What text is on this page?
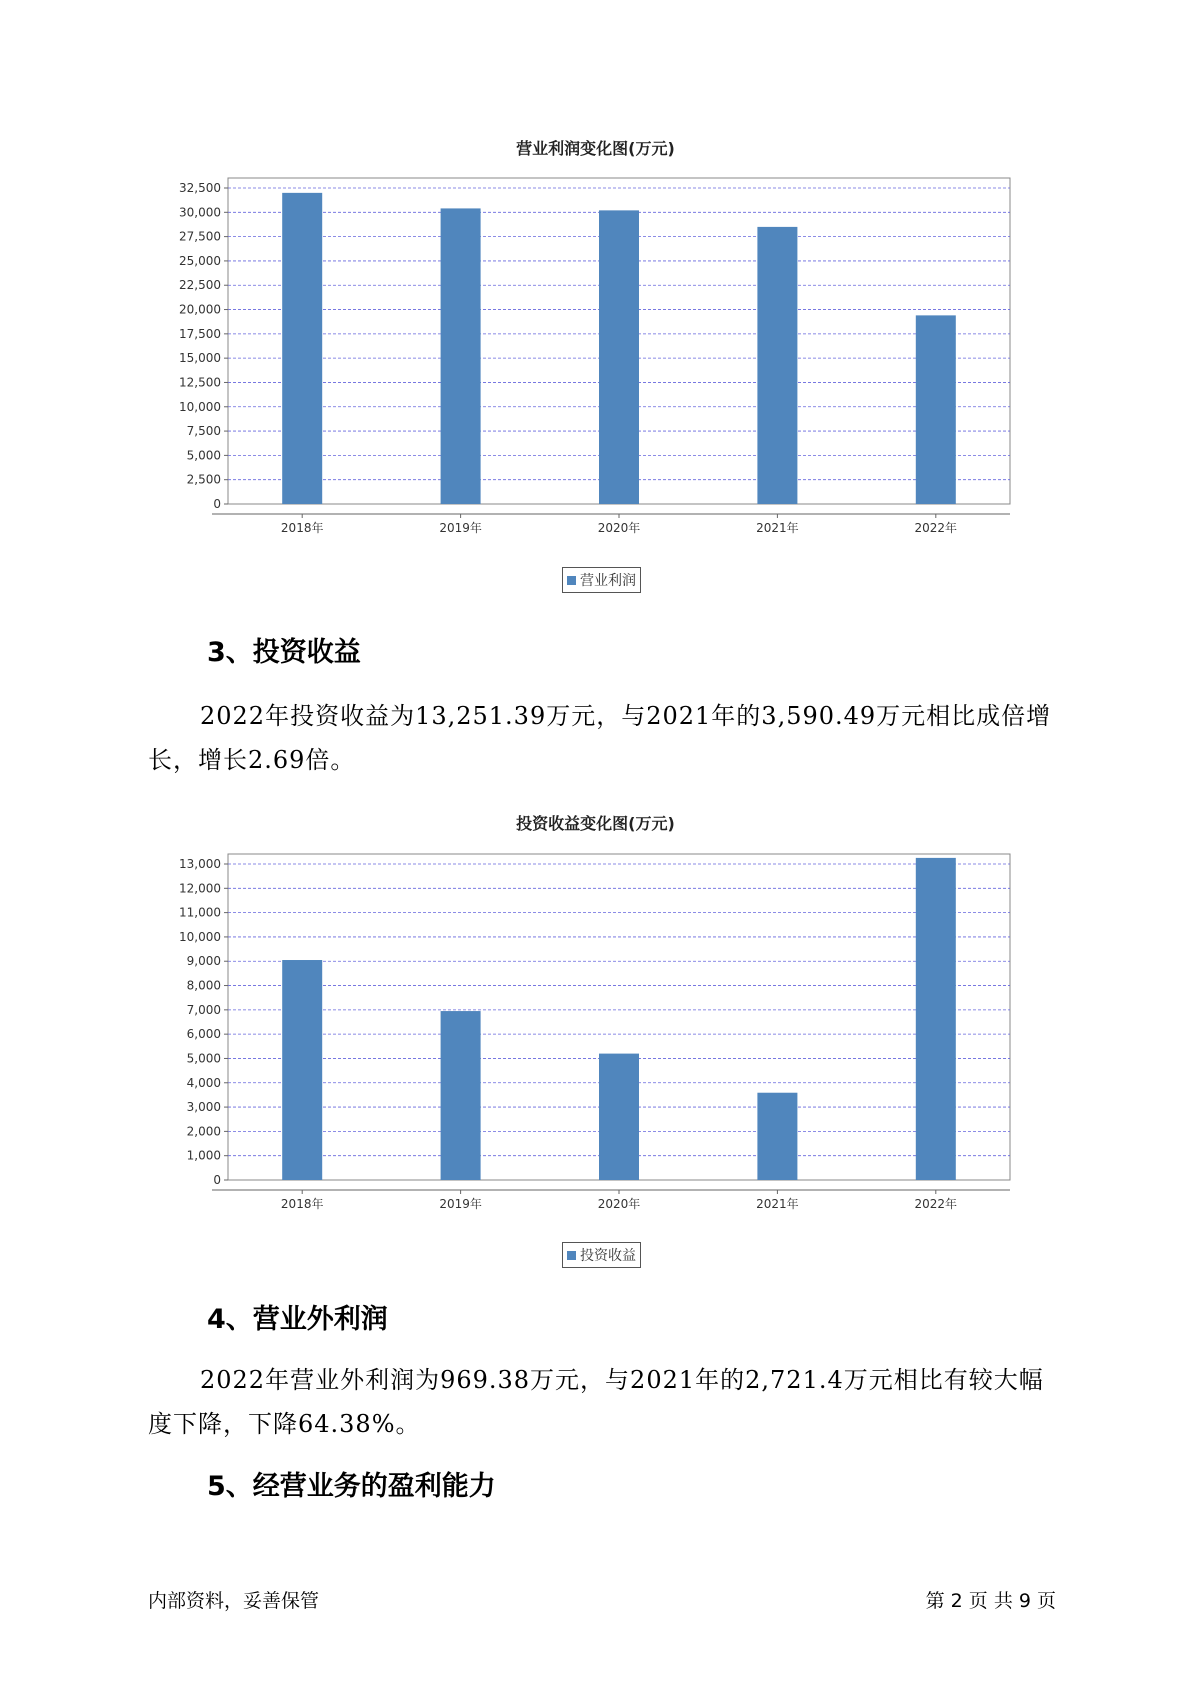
营业利润变化图(万元)
0
2,500
5,000
7,500
10,000
12,500
15,000
17,500
20,000
22,500
25,000
27,500
30,000
32,500
2018年	2019年	2020年	2021年	2022年
营业利润
3、投资收益
2022年投资收益为13,251.39万元，与2021年的3,590.49万元相比成倍增长，增长2.69倍。
投资收益变化图(万元)
0
1,000
2,000
3,000
4,000
5,000
6,000
7,000
8,000
9,000
10,000
11,000
12,000
13,000
2018年	2019年	2020年	2021年	2022年
投资收益
4、营业外利润
2022年营业外利润为969.38万元，与2021年的2,721.4万元相比有较大幅度下降，下降64.38%。
5、经营业务的盈利能力
内部资料，妥善保管	第 2 页 共 9 页
